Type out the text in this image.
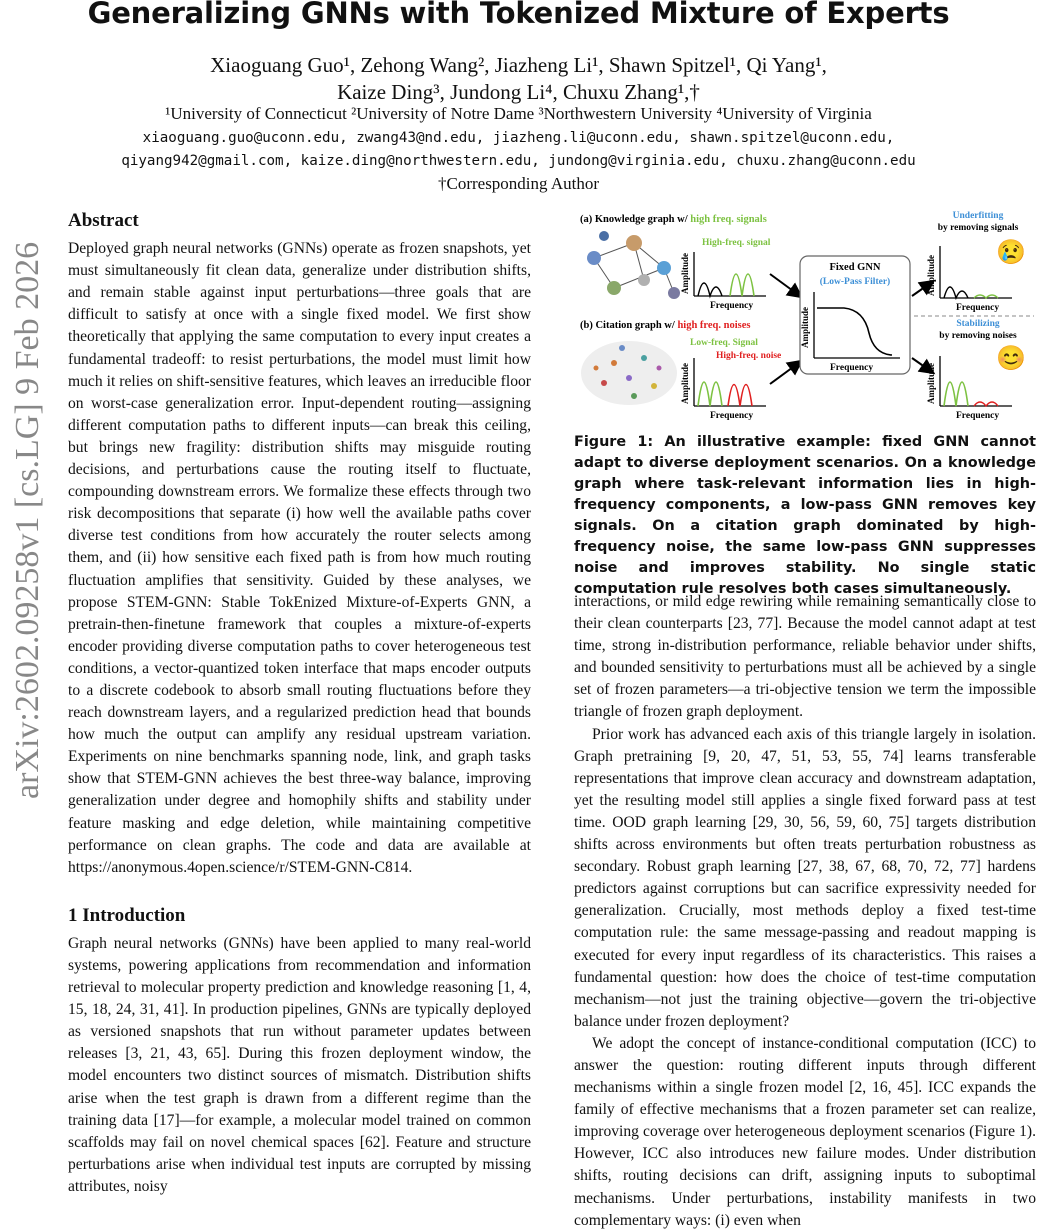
Generalizing GNNs with Tokenized Mixture of Experts
Xiaoguang Guo¹, Zehong Wang², Jiazheng Li¹, Shawn Spitzel¹, Qi Yang¹,
Kaize Ding³, Jundong Li⁴, Chuxu Zhang¹,†
¹University of Connecticut ²University of Notre Dame ³Northwestern University ⁴University of Virginia
xiaoguang.guo@uconn.edu, zwang43@nd.edu, jiazheng.li@uconn.edu, shawn.spitzel@uconn.edu,
qiyang942@gmail.com, kaize.ding@northwestern.edu, jundong@virginia.edu, chuxu.zhang@uconn.edu
†Corresponding Author
arXiv:2602.09258v1 [cs.LG] 9 Feb 2026
Abstract

Deployed graph neural networks (GNNs) operate as frozen snapshots, yet must simultaneously fit clean data, generalize under distribution shifts, and remain stable against input perturbations—three goals that are difficult to satisfy at once with a single fixed model. We first show theoretically that applying the same computation to every input creates a fundamental tradeoff: to resist perturbations, the model must limit how much it relies on shift-sensitive features, which leaves an irreducible floor on worst-case generalization error. Input-dependent routing—assigning different computation paths to different inputs—can break this ceiling, but brings new fragility: distribution shifts may misguide routing decisions, and perturbations cause the routing itself to fluctuate, compounding downstream errors. We formalize these effects through two risk decompositions that separate (i) how well the available paths cover diverse test conditions from how accurately the router selects among them, and (ii) how sensitive each fixed path is from how much routing fluctuation amplifies that sensitivity. Guided by these analyses, we propose STEM-GNN: Stable TokEnized Mixture-of-Experts GNN, a pretrain-then-finetune framework that couples a mixture-of-experts encoder providing diverse computation paths to cover heterogeneous test conditions, a vector-quantized token interface that maps encoder outputs to a discrete codebook to absorb small routing fluctuations before they reach downstream layers, and a regularized prediction head that bounds how much the output can amplify any residual upstream variation. Experiments on nine benchmarks spanning node, link, and graph tasks show that STEM-GNN achieves the best three-way balance, improving generalization under degree and homophily shifts and stability under feature masking and edge deletion, while maintaining competitive performance on clean graphs. The code and data are available at https://anonymous.4open.science/r/STEM-GNN-C814.

1 Introduction

Graph neural networks (GNNs) have been applied to many real-world systems, powering applications from recommendation and information retrieval to molecular property prediction and knowledge reasoning [1, 4, 15, 18, 24, 31, 41]. In production pipelines, GNNs are typically deployed as versioned snapshots that run without parameter updates between releases [3, 21, 43, 65]. During this frozen deployment window, the model encounters two distinct sources of mismatch. Distribution shifts arise when the test graph is drawn from a different regime than the training data [17]—for example, a molecular model trained on common scaffolds may fail on novel chemical spaces [62]. Feature and structure perturbations arise when individual test inputs are corrupted by missing attributes, noisy

(a) Knowledge graph w/ high freq. signals
High-freq. signal
Amplitude
Frequency
(b) Citation graph w/ high freq. noises
Low-freq. Signal
High-freq. noise
Amplitude
Frequency
Fixed GNN
(Low-Pass Filter)
Amplitude
Frequency
Underfitting
by removing signals
😢
Amplitude
Frequency
Stabilizing
by removing noises
😊
Amplitude
Frequency
Figure 1: An illustrative example: fixed GNN cannot adapt to diverse deployment scenarios. On a knowledge graph where task-relevant information lies in high-frequency components, a low-pass GNN removes key signals. On a citation graph dominated by high-frequency noise, the same low-pass GNN suppresses noise and improves stability. No single static computation rule resolves both cases simultaneously.

interactions, or mild edge rewiring while remaining semantically close to their clean counterparts [23, 77]. Because the model cannot adapt at test time, strong in-distribution performance, reliable behavior under shifts, and bounded sensitivity to perturbations must all be achieved by a single set of frozen parameters—a tri-objective tension we term the impossible triangle of frozen graph deployment.

Prior work has advanced each axis of this triangle largely in isolation. Graph pretraining [9, 20, 47, 51, 53, 55, 74] learns transferable representations that improve clean accuracy and downstream adaptation, yet the resulting model still applies a single fixed forward pass at test time. OOD graph learning [29, 30, 56, 59, 60, 75] targets distribution shifts across environments but often treats perturbation robustness as secondary. Robust graph learning [27, 38, 67, 68, 70, 72, 77] hardens predictors against corruptions but can sacrifice expressivity needed for generalization. Crucially, most methods deploy a fixed test-time computation rule: the same message-passing and readout mapping is executed for every input regardless of its characteristics. This raises a fundamental question: how does the choice of test-time computation mechanism—not just the training objective—govern the tri-objective balance under frozen deployment?

We adopt the concept of instance-conditional computation (ICC) to answer the question: routing different inputs through different mechanisms within a single frozen model [2, 16, 45]. ICC expands the family of effective mechanisms that a frozen parameter set can realize, improving coverage over heterogeneous deployment scenarios (Figure 1). However, ICC also introduces new failure modes. Under distribution shifts, routing decisions can drift, assigning inputs to suboptimal mechanisms. Under perturbations, instability manifests in two complementary ways: (i) even when
